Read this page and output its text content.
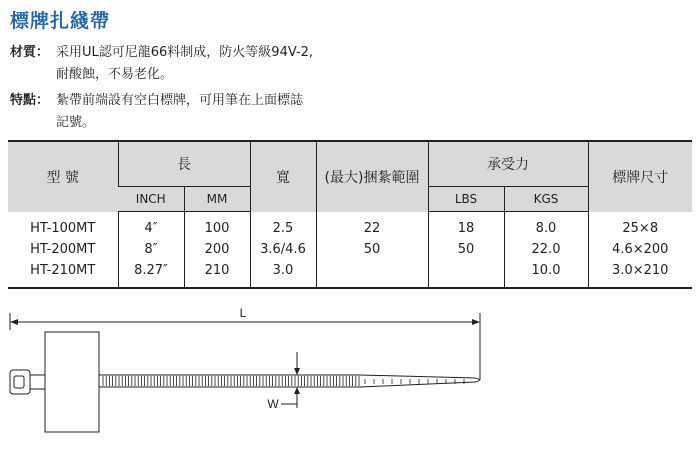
標牌扎綫帶
材質： 采用UL認可尼龍66料制成，防火等級94V-2,
耐酸蝕，不易老化。
特點： 紮帶前端設有空白標牌，可用筆在上面標誌
記號。
型 號	長		寬	(最大)捆紮範圍	承受力		標牌尺寸
	INCH	MM			LBS	KGS	
HT-100MT	4″	100	2.5	22	18	8.0	25×8
HT-200MT	8″	200	3.6/4.6	50	50	22.0	4.6×200
HT-210MT	8.27″	210	3.0			10.0	3.0×210
L
W
